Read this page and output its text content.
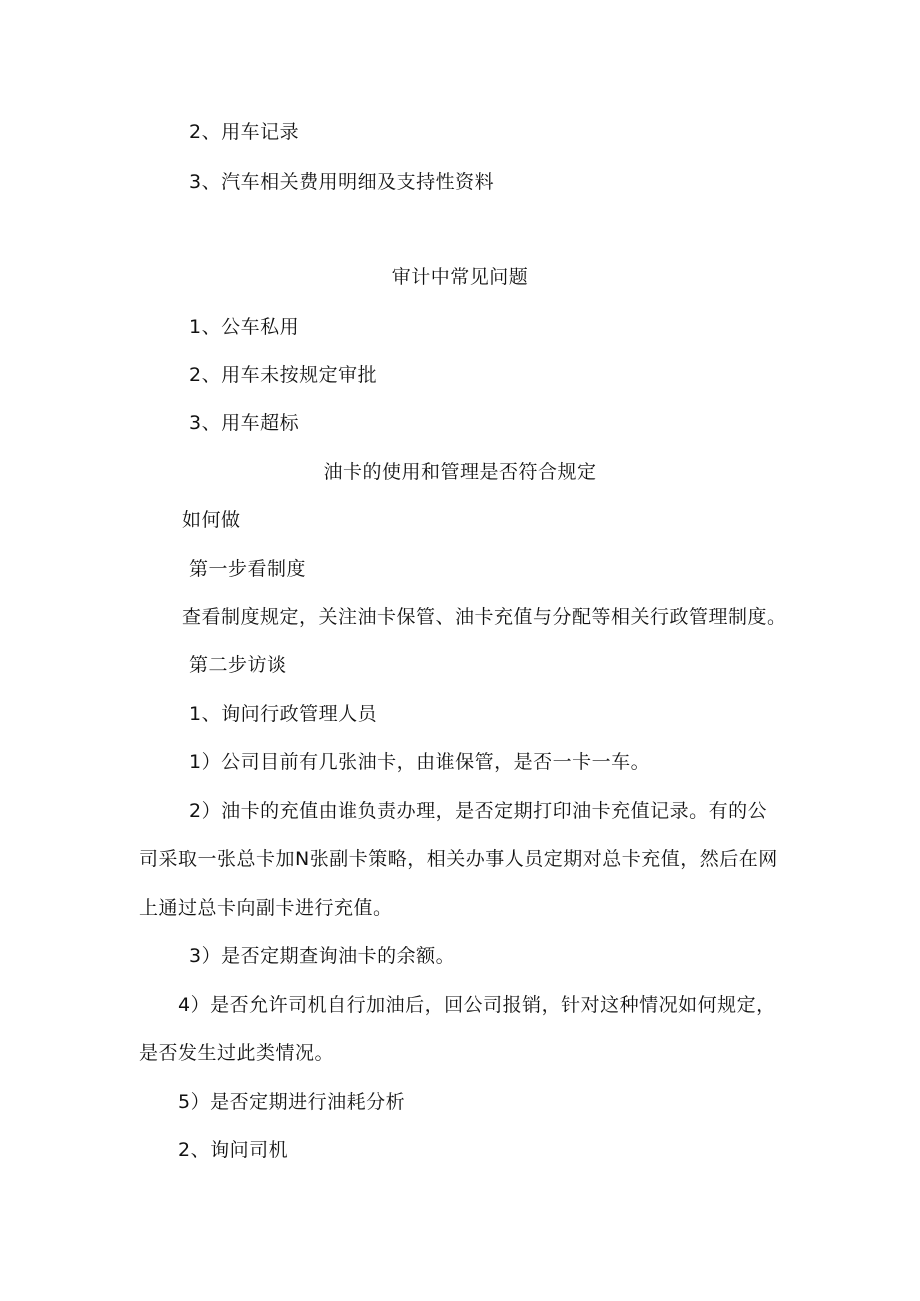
2、用车记录
3、汽车相关费用明细及支持性资料
审计中常见问题
1、公车私用
2、用车未按规定审批
3、用车超标
油卡的使用和管理是否符合规定
如何做
第一步看制度
查看制度规定，关注油卡保管、油卡充值与分配等相关行政管理制度。
第二步访谈
1、询问行政管理人员
1）公司目前有几张油卡，由谁保管，是否一卡一车。
2）油卡的充值由谁负责办理，是否定期打印油卡充值记录。有的公
司采取一张总卡加N张副卡策略，相关办事人员定期对总卡充值，然后在网
上通过总卡向副卡进行充值。
3）是否定期查询油卡的余额。
4）是否允许司机自行加油后，回公司报销，针对这种情况如何规定，
是否发生过此类情况。
5）是否定期进行油耗分析
2、询问司机
